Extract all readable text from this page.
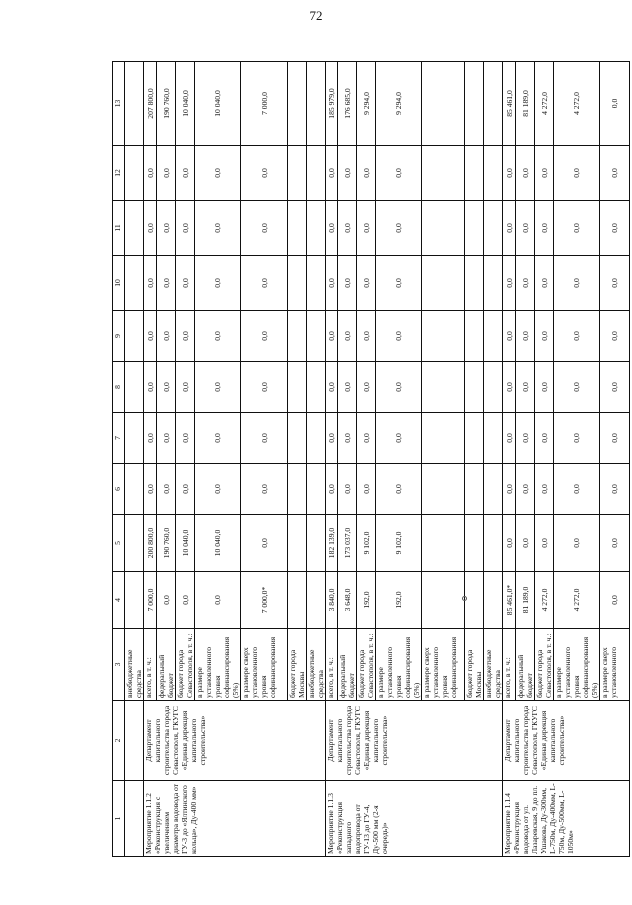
72
1	2	3	4	5	6	7	8	9	10	11	12	13
		внебюджетные средства										
Мероприятие 1.1.2 «Реконструкция с увеличением диаметра водовода от ГУ-3 до «Ялтинского кольца», Ду-400 мм»	Департамент капитального строительства города Севастополя, ГКУГС «Единая дирекция капитального строительства»	всего, в т. ч.:	7 000,0	200 800,0	0,0	0,0	0,0	0,0	0,0	0,0	0,0	207 800,0
		федеральный бюджет	0,0	190 760,0	0,0	0,0	0,0	0,0	0,0	0,0	0,0	190 760,0
		бюджет города Севастополя, в т. ч.:	0,0	10 040,0	0,0	0,0	0,0	0,0	0,0	0,0	0,0	10 040,0
		в размере установленного уровня софинансирования (5%)	0,0	10 040,0	0,0	0,0	0,0	0,0	0,0	0,0	0,0	10 040,0
		в размере сверх установленного уровня софинансирования	7 000,0*	0,0	0,0	0,0	0,0	0,0	0,0	0,0	0,0	7 000,0
		бюджет города Москвы										
		внебюджетные средства										
Мероприятие 1.1.3 «Реконструкция западного водопровода от ГУ-13 до ГУ-4, Ду-500 мм (2-я очередь)»	Департамент капитального строительства города Севастополя, ГКУГС «Единая дирекция капитального строительства»	всего, в т. ч.:	3 840,0	182 139,0	0,0	0,0	0,0	0,0	0,0	0,0	0,0	185 979,0
		федеральный бюджет	3 648,0	173 037,0	0,0	0,0	0,0	0,0	0,0	0,0	0,0	176 685,0
		бюджет города Севастополя, в т. ч.:	192,0	9 102,0	0,0	0,0	0,0	0,0	0,0	0,0	0,0	9 294,0
		в размере установленного уровня софинансирования (5%)	192,0	9 102,0	0,0	0,0	0,0	0,0	0,0	0,0	0,0	9 294,0
		в размере сверх установленного уровня софинансирования										
		бюджет города Москвы										
		внебюджетные средства										
Мероприятие 1.1.4 «Реконструкция водовода от ул. Лазаревская, 9 до пл. Ушакова, Ду-300мм, L-750м, Ду-400мм, L-750м, Ду-500мм, L-1050м»	Департамент капитального строительства города Севастополя, ГКУГС «Единая дирекция капитального строительства»	всего, в т. ч.:	85 461,0*	0,0	0,0	0,0	0,0	0,0	0,0	0,0	0,0	85 461,0
		федеральный бюджет	81 189,0	0,0	0,0	0,0	0,0	0,0	0,0	0,0	0,0	81 189,0
		бюджет города Севастополя, в т. ч.:	4 272,0	0,0	0,0	0,0	0,0	0,0	0,0	0,0	0,0	4 272,0
		в размере установленного уровня софинансирования (5%)	4 272,0	0,0	0,0	0,0	0,0	0,0	0,0	0,0	0,0	4 272,0
		в размере сверх установленного	0,0	0,0	0,0	0,0	0,0	0,0	0,0	0,0	0,0	0,0
